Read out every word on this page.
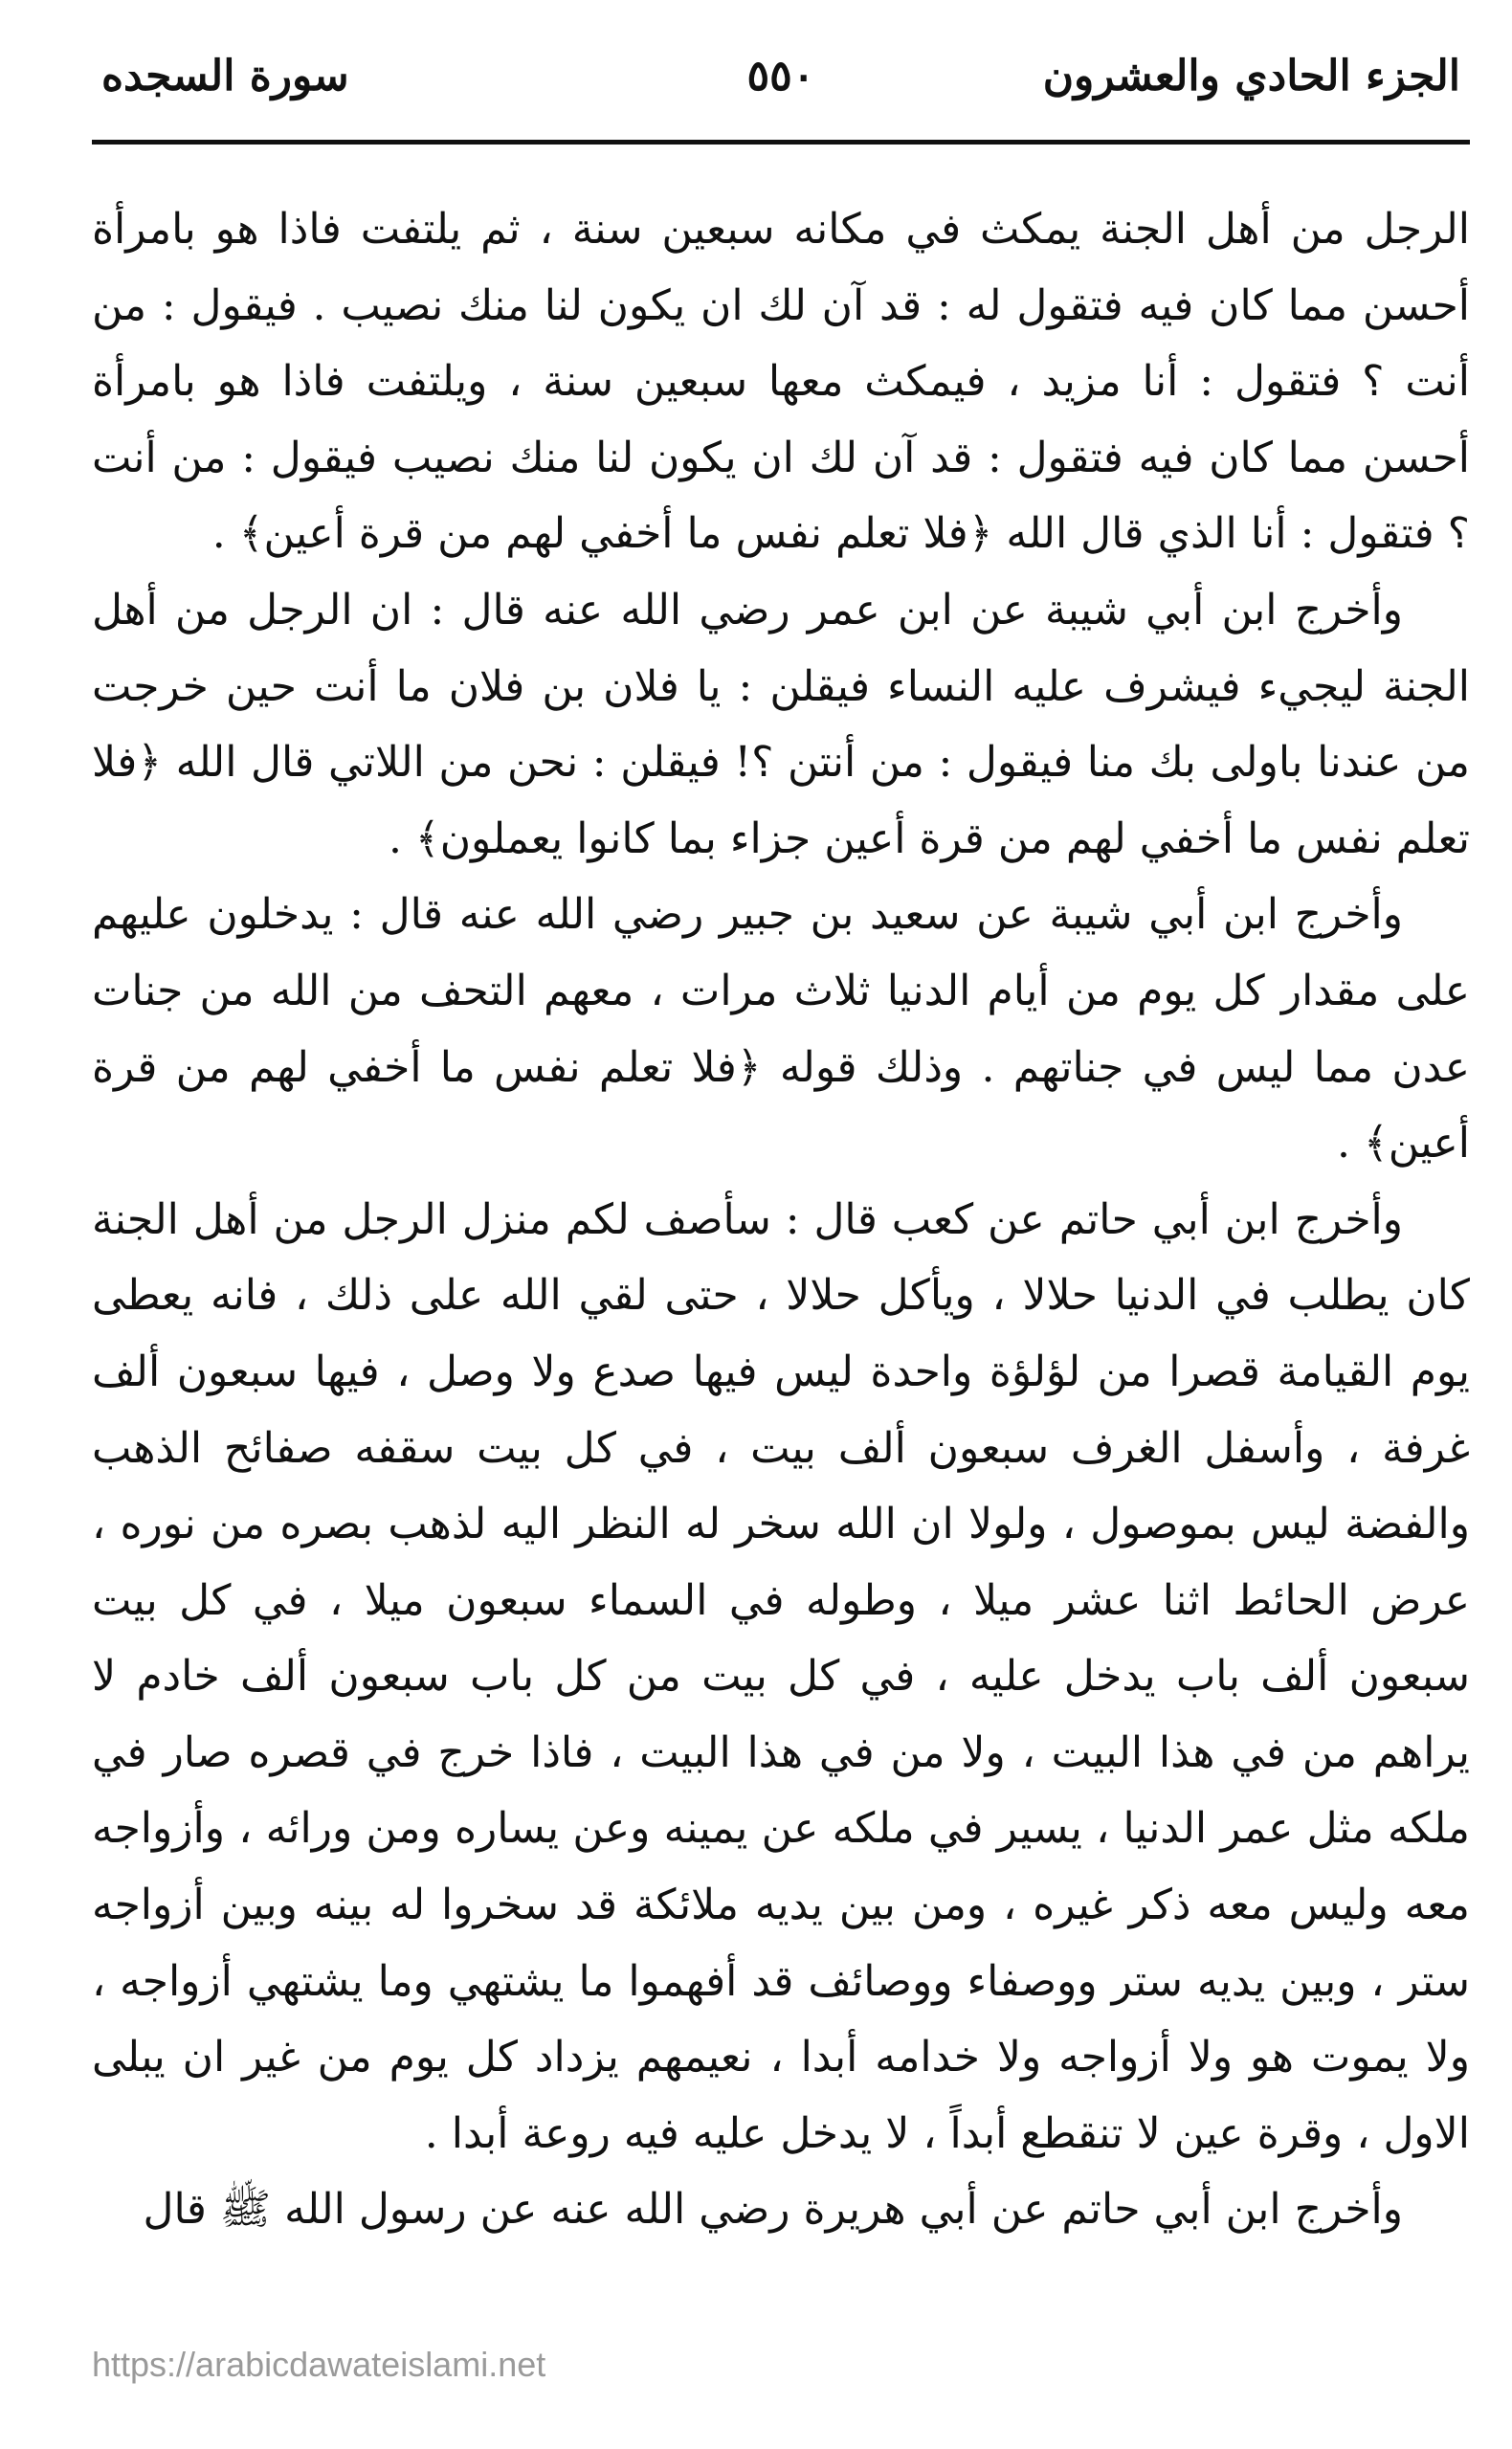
الجزء الحادي والعشرون
٥٥٠
سورة السجده

الرجل من أهل الجنة يمكث في مكانه سبعين سنة ، ثم يلتفت فاذا هو بامرأة أحسن مما كان فيه فتقول له : قد آن لك ان يكون لنا منك نصيب . فيقول : من أنت ؟ فتقول : أنا مزيد ، فيمكث معها سبعين سنة ، ويلتفت فاذا هو بامرأة أحسن مما كان فيه فتقول : قد آن لك ان يكون لنا منك نصيب فيقول : من أنت ؟ فتقول : أنا الذي قال الله ﴿فلا تعلم نفس ما أخفي لهم من قرة أعين﴾ .

وأخرج ابن أبي شيبة عن ابن عمر رضي الله عنه قال : ان الرجل من أهل الجنة ليجيء فيشرف عليه النساء فيقلن : يا فلان بن فلان ما أنت حين خرجت من عندنا باولى بك منا فيقول : من أنتن ؟! فيقلن : نحن من اللاتي قال الله ﴿فلا تعلم نفس ما أخفي لهم من قرة أعين جزاء بما كانوا يعملون﴾ .

وأخرج ابن أبي شيبة عن سعيد بن جبير رضي الله عنه قال : يدخلون عليهم على مقدار كل يوم من أيام الدنيا ثلاث مرات ، معهم التحف من الله من جنات عدن مما ليس في جناتهم . وذلك قوله ﴿فلا تعلم نفس ما أخفي لهم من قرة أعين﴾ .

وأخرج ابن أبي حاتم عن كعب قال : سأصف لكم منزل الرجل من أهل الجنة كان يطلب في الدنيا حلالا ، ويأكل حلالا ، حتى لقي الله على ذلك ، فانه يعطى يوم القيامة قصرا من لؤلؤة واحدة ليس فيها صدع ولا وصل ، فيها سبعون ألف غرفة ، وأسفل الغرف سبعون ألف بيت ، في كل بيت سقفه صفائح الذهب والفضة ليس بموصول ، ولولا ان الله سخر له النظر اليه لذهب بصره من نوره ، عرض الحائط اثنا عشر ميلا ، وطوله في السماء سبعون ميلا ، في كل بيت سبعون ألف باب يدخل عليه ، في كل بيت من كل باب سبعون ألف خادم لا يراهم من في هذا البيت ، ولا من في هذا البيت ، فاذا خرج في قصره صار في ملكه مثل عمر الدنيا ، يسير في ملكه عن يمينه وعن يساره ومن ورائه ، وأزواجه معه وليس معه ذكر غيره ، ومن بين يديه ملائكة قد سخروا له بينه وبين أزواجه ستر ، وبين يديه ستر ووصفاء ووصائف قد أفهموا ما يشتهي وما يشتهي أزواجه ، ولا يموت هو ولا أزواجه ولا خدامه أبدا ، نعيمهم يزداد كل يوم من غير ان يبلى الاول ، وقرة عين لا تنقطع أبداً ، لا يدخل عليه فيه روعة أبدا .

وأخرج ابن أبي حاتم عن أبي هريرة رضي الله عنه عن رسول الله ﷺ قال

https://arabicdawateislami.net
